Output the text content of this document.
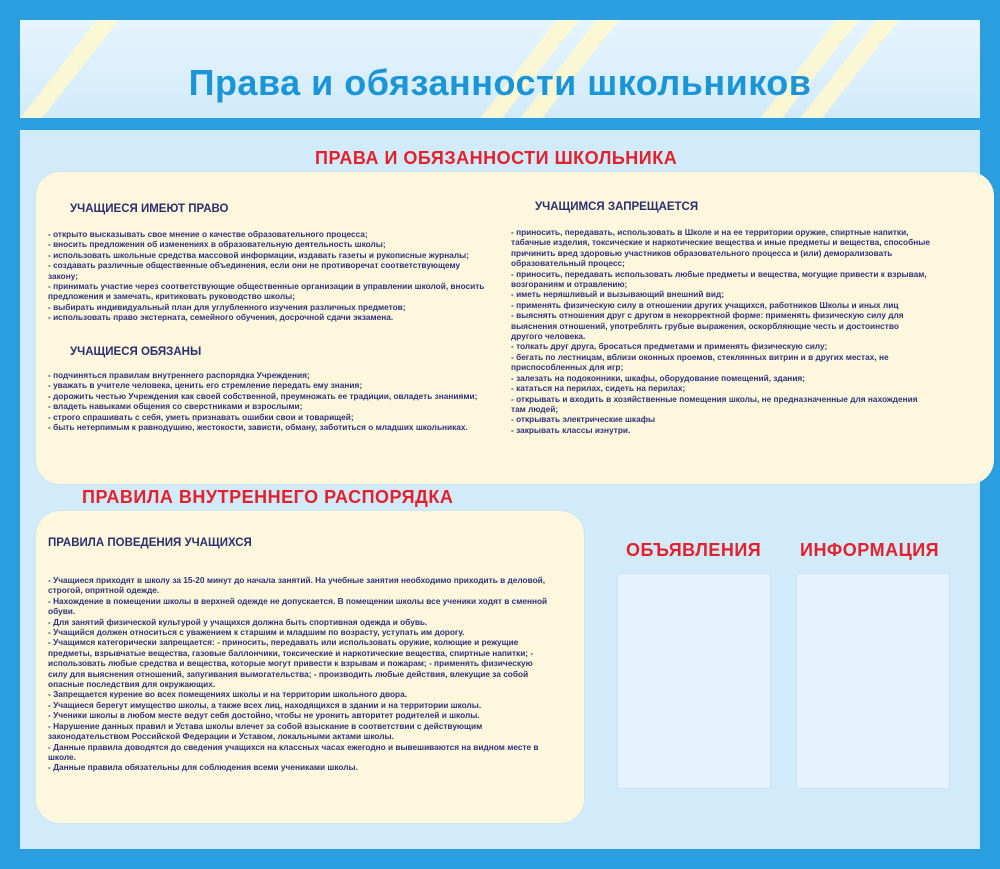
Права и обязанности школьников
ПРАВА И ОБЯЗАННОСТИ ШКОЛЬНИКА
УЧАЩИЕСЯ ИМЕЮТ ПРАВО
- открыто высказывать свое мнение о качестве образовательного процесса;
- вносить предложения об изменениях в образовательную деятельность школы;
- использовать школьные средства массовой информации, издавать газеты и рукописные журналы;
- создавать различные общественные объединения, если они не противоречат соответствующему закону;
- принимать участие через соответствующие общественные организации в управлении школой, вносить предложения и замечать, критиковать руководство школы;
- выбирать индивидуальный план для углубленного изучения различных предметов;
- использовать право экстерната, семейного обучения, досрочной сдачи экзамена.
УЧАЩИЕСЯ ОБЯЗАНЫ
- подчиняться правилам внутреннего распорядка Учреждения;
- уважать в учителе человека, ценить его стремление передать ему знания;
- дорожить честью Учреждения как своей собственной, преумножать ее традиции, овладеть знаниями;
- владеть навыками общения со сверстниками и взрослыми;
- строго спрашивать с себя, уметь признавать ошибки свои и товарищей;
- быть нетерпимым к равнодушию, жестокости, зависти, обману, заботиться о младших школьниках.
УЧАЩИМСЯ ЗАПРЕЩАЕТСЯ
- приносить, передавать, использовать в Школе и на ее территории оружие, спиртные напитки,
табачные изделия, токсические и наркотические вещества и иные предметы и вещества, способные причинить вред здоровью участников образовательного процесса и (или) деморализовать образовательный процесс;
- приносить, передавать использовать любые предметы и вещества, могущие привести к взрывам, возгораниям и отравлению;
- иметь неряшливый и вызывающий внешний вид;
- применять физическую силу в отношении других учащихся, работников Школы и иных лиц
- выяснять отношения друг с другом в некорректной форме: применять физическую силу для
выяснения отношений, употреблять грубые выражения, оскорбляющие честь и достоинство другого человека.
- толкать друг друга, бросаться предметами и применять физическую силу;
- бегать по лестницам, вблизи оконных проемов, стеклянных витрин и в других местах, не приспособленных для игр;
- залезать на подоконники, шкафы, оборудование помещений, здания;
- кататься на перилах, сидеть на перилах;
- открывать и входить в хозяйственные помещения школы, не предназначенные для нахождения там людей;
- открывать электрические шкафы
- закрывать классы изнутри.
ПРАВИЛА ВНУТРЕННЕГО РАСПОРЯДКА
ПРАВИЛА ПОВЕДЕНИЯ УЧАЩИХСЯ
- Учащиеся приходят в школу за 15-20 минут до начала занятий. На учебные занятия необходимо приходить в деловой, строгой, опрятной одежде.
- Нахождение в помещении школы в верхней одежде не допускается. В помещении школы все ученики ходят в сменной обуви.
- Для занятий физической культурой у учащихся должна быть спортивная одежда и обувь.
- Учащийся должен относиться с уважением к старшим и младшим по возрасту, уступать им дорогу.
- Учащимся категорически запрещается: - приносить, передавать или использовать оружие, колющие и режущие предметы, взрывчатые вещества, газовые баллончики, токсические и наркотические вещества, спиртные напитки; - использовать любые средства и вещества, которые могут привести к взрывам и пожарам; - применять физическую силу для выяснения отношений, запугивания вымогательства; - производить любые действия, влекущие за собой опасные последствия для окружающих.
- Запрещается курение во всех помещениях школы и на территории школьного двора.
- Учащиеся берегут имущество школы, а также всех лиц, находящихся в здании и на территории школы.
- Ученики школы в любом месте ведут себя достойно, чтобы не уронить авторитет родителей и школы.
- Нарушение данных правил и Устава школы влечет за собой взыскание в соответствии с действующим законодательством Российской Федерации и Уставом, локальными актами школы.
- Данные правила доводятся до сведения учащихся на классных часах ежегодно и вывешиваются на видном месте в школе.
- Данные правила обязательны для соблюдения всеми учениками школы.
ОБЪЯВЛЕНИЯ ИНФОРМАЦИЯ
